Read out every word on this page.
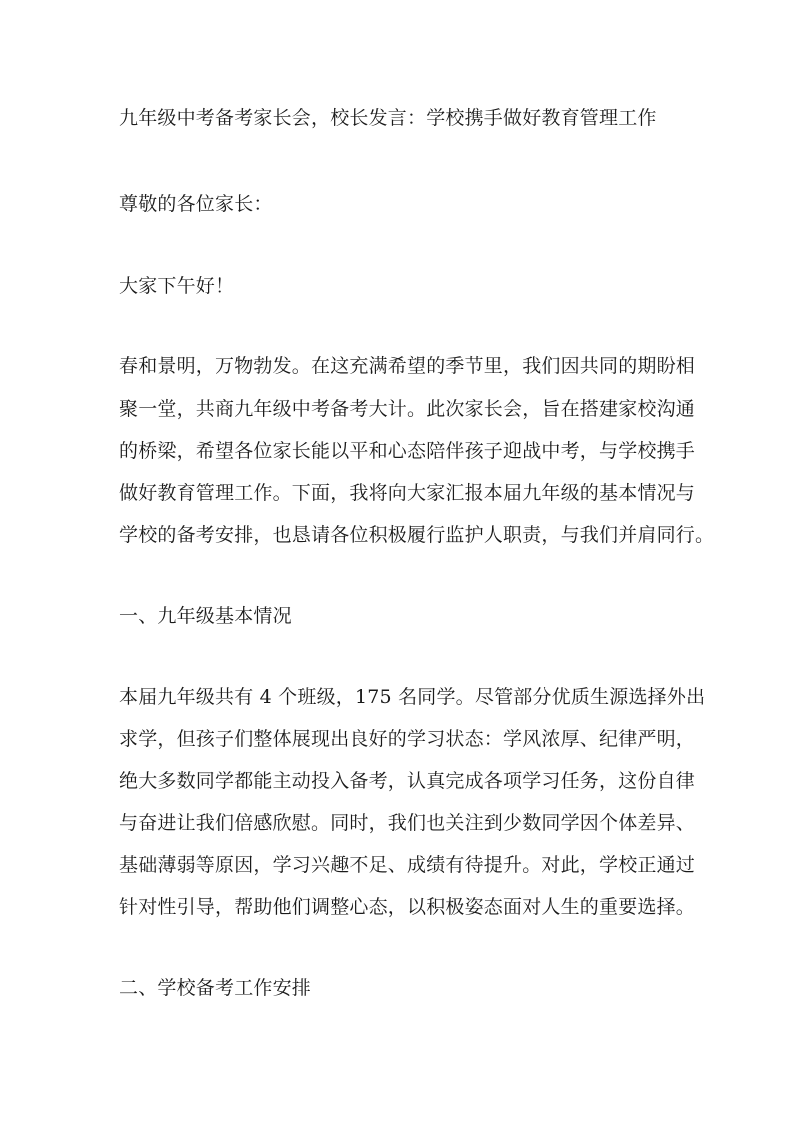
九年级中考备考家长会，校长发言：学校携手做好教育管理工作
尊敬的各位家长：
大家下午好！
春和景明，万物勃发。在这充满希望的季节里，我们因共同的期盼相
聚一堂，共商九年级中考备考大计。此次家长会，旨在搭建家校沟通
的桥梁，希望各位家长能以平和心态陪伴孩子迎战中考，与学校携手
做好教育管理工作。下面，我将向大家汇报本届九年级的基本情况与
学校的备考安排，也恳请各位积极履行监护人职责，与我们并肩同行。
一、九年级基本情况
本届九年级共有 4 个班级，175 名同学。尽管部分优质生源选择外出
求学，但孩子们整体展现出良好的学习状态：学风浓厚、纪律严明，
绝大多数同学都能主动投入备考，认真完成各项学习任务，这份自律
与奋进让我们倍感欣慰。同时，我们也关注到少数同学因个体差异、
基础薄弱等原因，学习兴趣不足、成绩有待提升。对此，学校正通过
针对性引导，帮助他们调整心态，以积极姿态面对人生的重要选择。
二、学校备考工作安排
